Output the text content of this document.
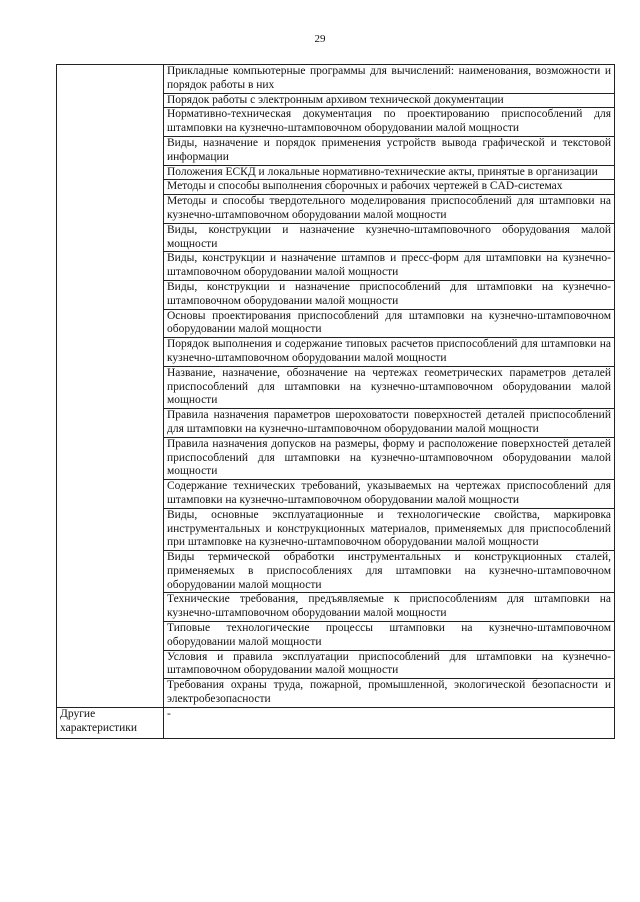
29

	Прикладные компьютерные программы для вычислений: наименования, возможности и порядок работы в них

	Порядок работы с электронным архивом технической документации

	Нормативно-техническая документация по проектированию приспособлений для штамповки на кузнечно-штамповочном оборудовании малой мощности

	Виды, назначение и порядок применения устройств вывода графической и текстовой информации

	Положения ЕСКД и локальные нормативно-технические акты, принятые в организации

	Методы и способы выполнения сборочных и рабочих чертежей в CAD-системах

	Методы и способы твердотельного моделирования приспособлений для штамповки на кузнечно-штамповочном оборудовании малой мощности

	Виды, конструкции и назначение кузнечно-штамповочного оборудования малой мощности

	Виды, конструкции и назначение штампов и пресс-форм для штамповки на кузнечно-штамповочном оборудовании малой мощности

	Виды, конструкции и назначение приспособлений для штамповки на кузнечно-штамповочном оборудовании малой мощности

	Основы проектирования приспособлений для штамповки на кузнечно-штамповочном оборудовании малой мощности

	Порядок выполнения и содержание типовых расчетов приспособлений для штамповки на кузнечно-штамповочном оборудовании малой мощности

	Название, назначение, обозначение на чертежах геометрических параметров деталей приспособлений для штамповки на кузнечно-штамповочном оборудовании малой мощности

	Правила назначения параметров шероховатости поверхностей деталей приспособлений для штамповки на кузнечно-штамповочном оборудовании малой мощности

	Правила назначения допусков на размеры, форму и расположение поверхностей деталей приспособлений для штамповки на кузнечно-штамповочном оборудовании малой мощности

	Содержание технических требований, указываемых на чертежах приспособлений для штамповки на кузнечно-штамповочном оборудовании малой мощности

	Виды, основные эксплуатационные и технологические свойства, маркировка инструментальных и конструкционных материалов, применяемых для приспособлений при штамповке на кузнечно-штамповочном оборудовании малой мощности

	Виды термической обработки инструментальных и конструкционных сталей, применяемых в приспособлениях для штамповки на кузнечно-штамповочном оборудовании малой мощности

	Технические требования, предъявляемые к приспособлениям для штамповки на кузнечно-штамповочном оборудовании малой мощности

	Типовые технологические процессы штамповки на кузнечно-штамповочном оборудовании малой мощности

	Условия и правила эксплуатации приспособлений для штамповки на кузнечно-штамповочном оборудовании малой мощности

	Требования охраны труда, пожарной, промышленной, экологической безопасности и электробезопасности

Другие
характеристики	-
